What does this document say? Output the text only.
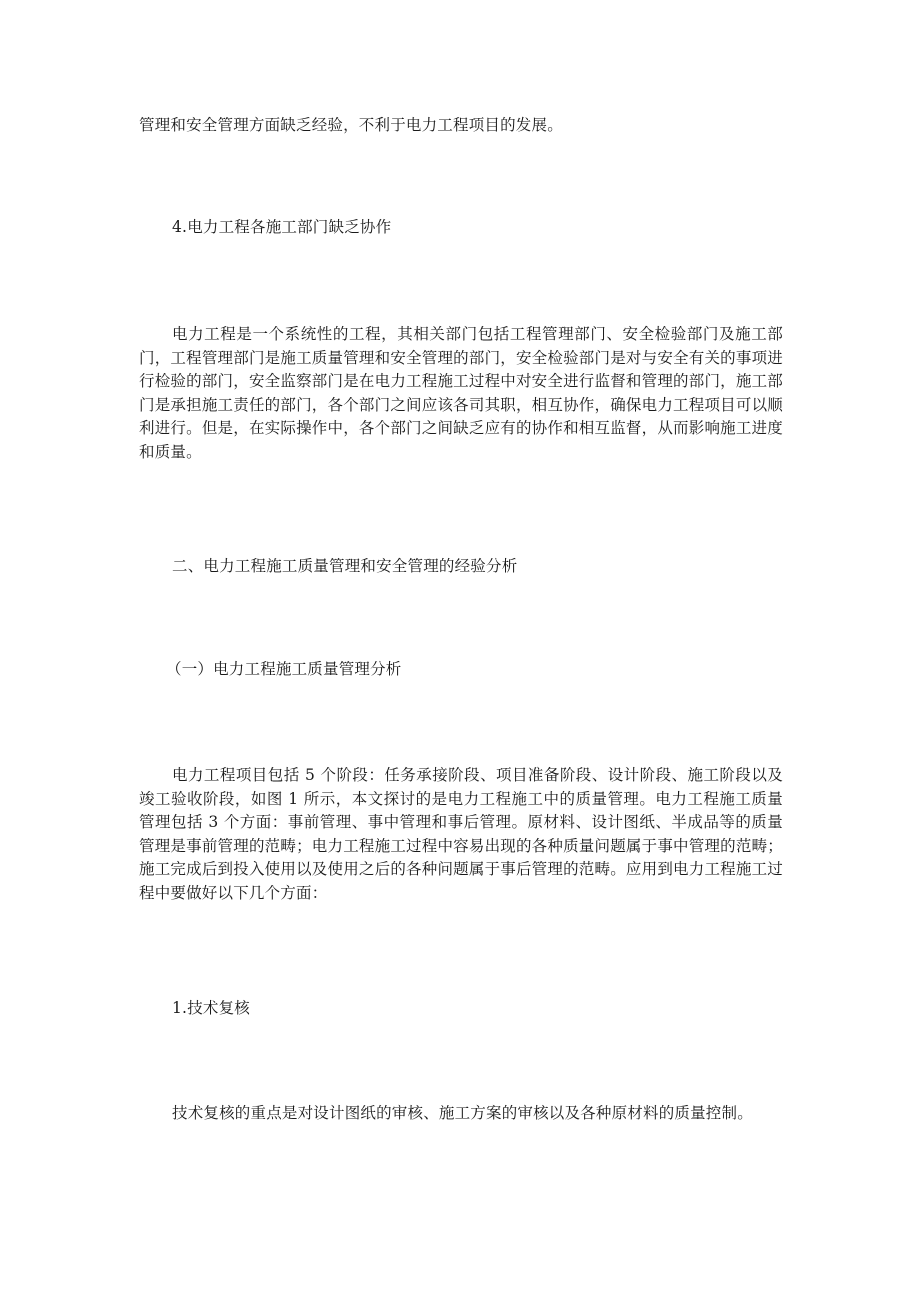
管理和安全管理方面缺乏经验，不利于电力工程项目的发展。

4.电力工程各施工部门缺乏协作

电力工程是一个系统性的工程，其相关部门包括工程管理部门、安全检验部门及施工部门，工程管理部门是施工质量管理和安全管理的部门，安全检验部门是对与安全有关的事项进行检验的部门，安全监察部门是在电力工程施工过程中对安全进行监督和管理的部门，施工部门是承担施工责任的部门，各个部门之间应该各司其职，相互协作，确保电力工程项目可以顺利进行。但是，在实际操作中，各个部门之间缺乏应有的协作和相互监督，从而影响施工进度和质量。

二、电力工程施工质量管理和安全管理的经验分析

（一）电力工程施工质量管理分析

电力工程项目包括 5 个阶段：任务承接阶段、项目准备阶段、设计阶段、施工阶段以及竣工验收阶段，如图 1 所示，本文探讨的是电力工程施工中的质量管理。电力工程施工质量管理包括 3 个方面：事前管理、事中管理和事后管理。原材料、设计图纸、半成品等的质量管理是事前管理的范畴；电力工程施工过程中容易出现的各种质量问题属于事中管理的范畴；施工完成后到投入使用以及使用之后的各种问题属于事后管理的范畴。应用到电力工程施工过程中要做好以下几个方面：

1.技术复核

技术复核的重点是对设计图纸的审核、施工方案的审核以及各种原材料的质量控制。
